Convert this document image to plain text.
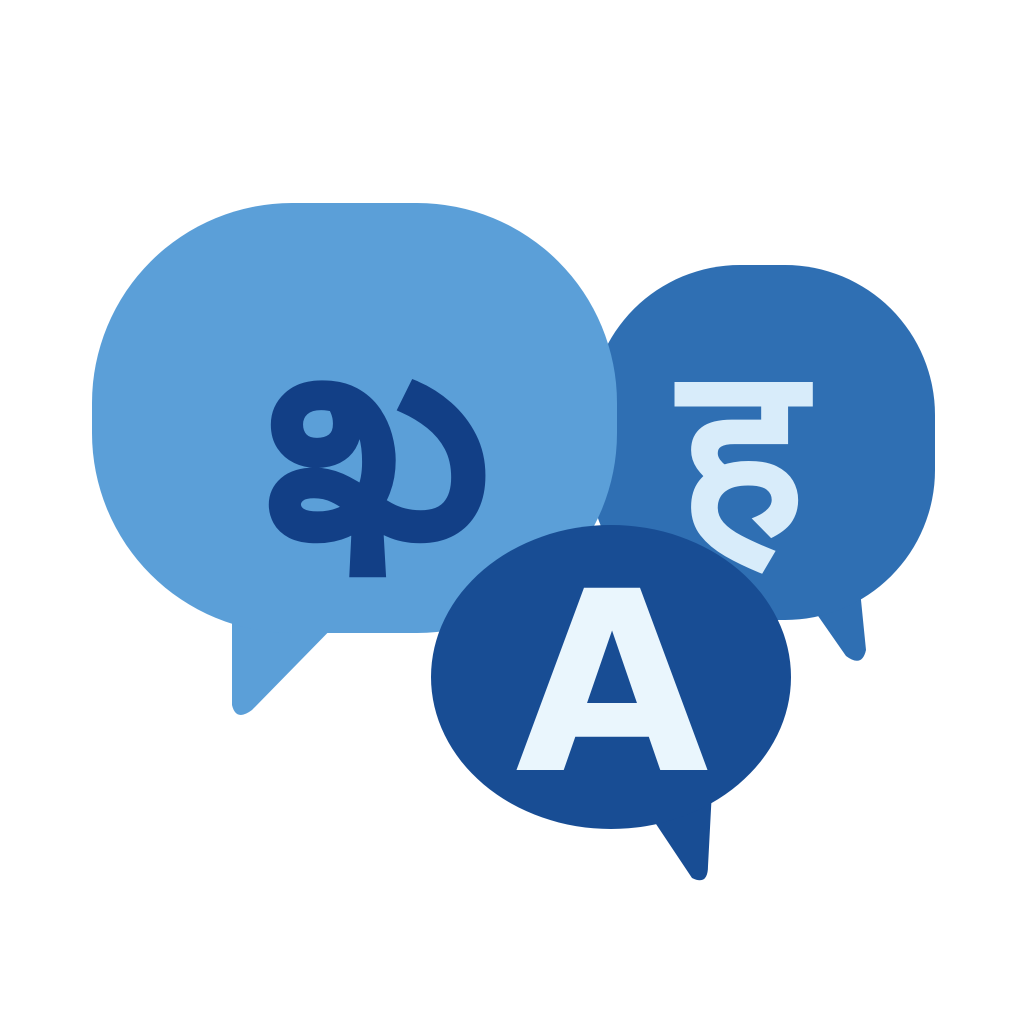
ह
ఖ
A
